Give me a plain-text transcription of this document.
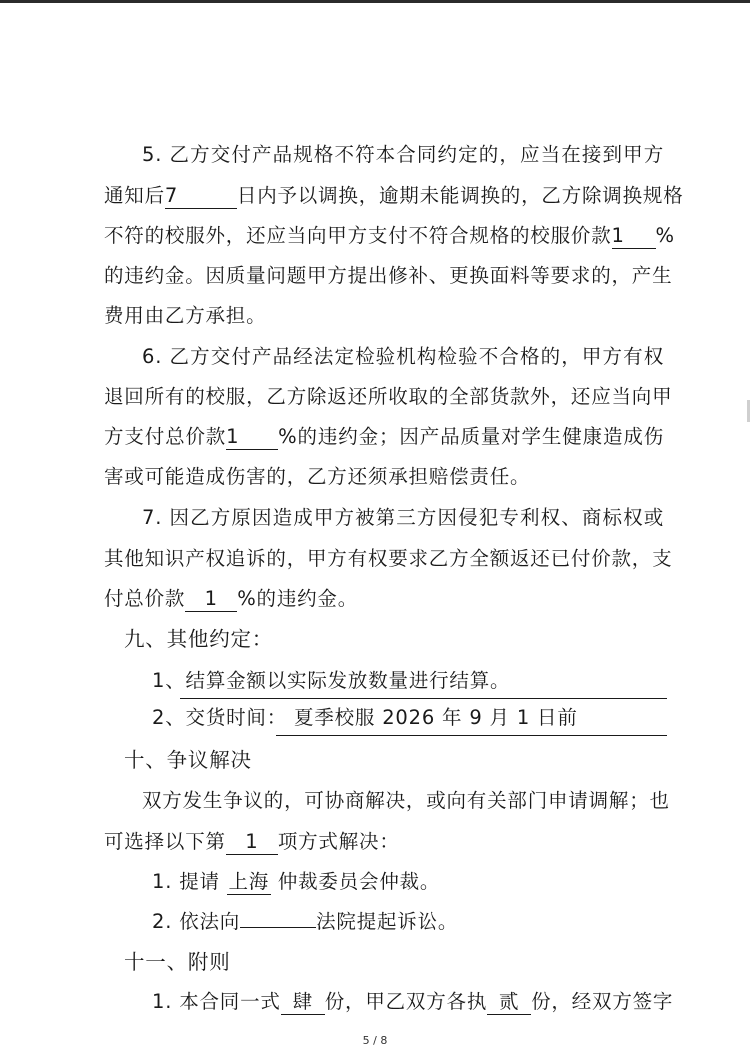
5. 乙方交付产品规格不符本合同约定的，应当在接到甲方
通知后7	日内予以调换，逾期未能调换的，乙方除调换规格
不符的校服外，还应当向甲方支付不符合规格的校服价款1 %
的违约金。因质量问题甲方提出修补、更换面料等要求的，产生
费用由乙方承担。
6. 乙方交付产品经法定检验机构检验不合格的，甲方有权
退回所有的校服，乙方除返还所收取的全部货款外，还应当向甲
方支付总价款1 %的违约金；因产品质量对学生健康造成伤
害或可能造成伤害的，乙方还须承担赔偿责任。
7. 因乙方原因造成甲方被第三方因侵犯专利权、商标权或
其他知识产权追诉的，甲方有权要求乙方全额返还已付价款，支
付总价款 1 %的违约金。
九、其他约定：
1、结算金额以实际发放数量进行结算。
2、交货时间： 夏季校服 2026 年 9 月 1 日前
十、争议解决
双方发生争议的，可协商解决，或向有关部门申请调解；也
可选择以下第 1 项方式解决：
1. 提请 上海 仲裁委员会仲裁。
2. 依法向	法院提起诉讼。
十一、附则
1. 本合同一式 肆 份，甲乙双方各执 贰 份，经双方签字
5 / 8
